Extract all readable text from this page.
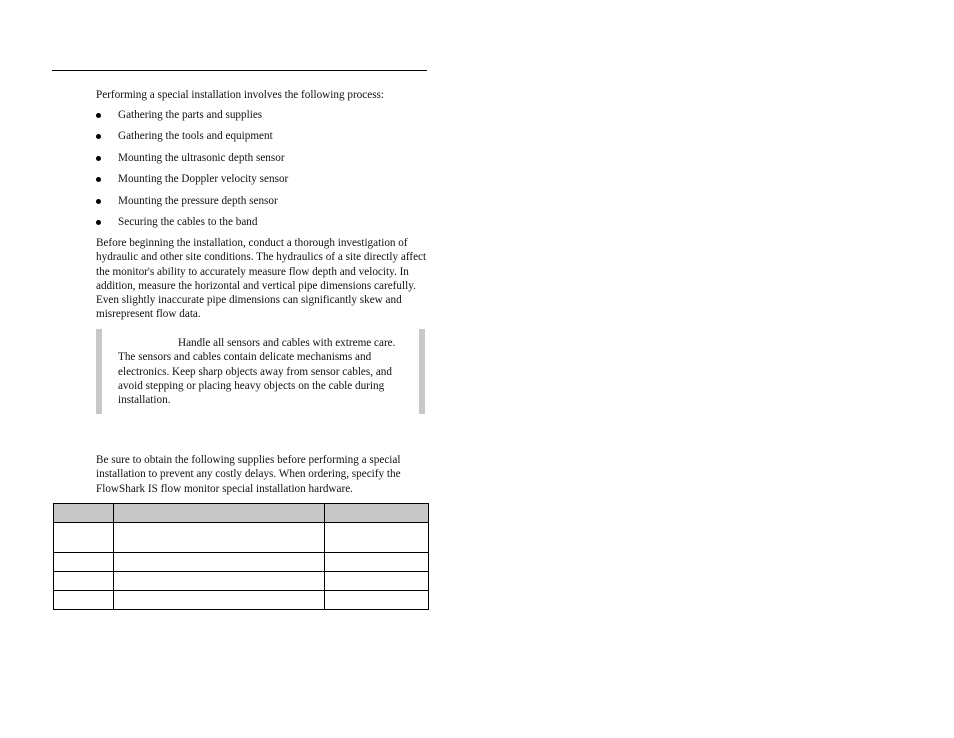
Performing a special installation involves the following process:
Gathering the parts and supplies
Gathering the tools and equipment
Mounting the ultrasonic depth sensor
Mounting the Doppler velocity sensor
Mounting the pressure depth sensor
Securing the cables to the band
Before beginning the installation, conduct a thorough investigation of hydraulic and other site conditions. The hydraulics of a site directly affect the monitor's ability to accurately measure flow depth and velocity. In addition, measure the horizontal and vertical pipe dimensions carefully. Even slightly inaccurate pipe dimensions can significantly skew and misrepresent flow data.
Handle all sensors and cables with extreme care. The sensors and cables contain delicate mechanisms and electronics. Keep sharp objects away from sensor cables, and avoid stepping or placing heavy objects on the cable during installation.
Be sure to obtain the following supplies before performing a special installation to prevent any costly delays. When ordering, specify the FlowShark IS flow monitor special installation hardware.
